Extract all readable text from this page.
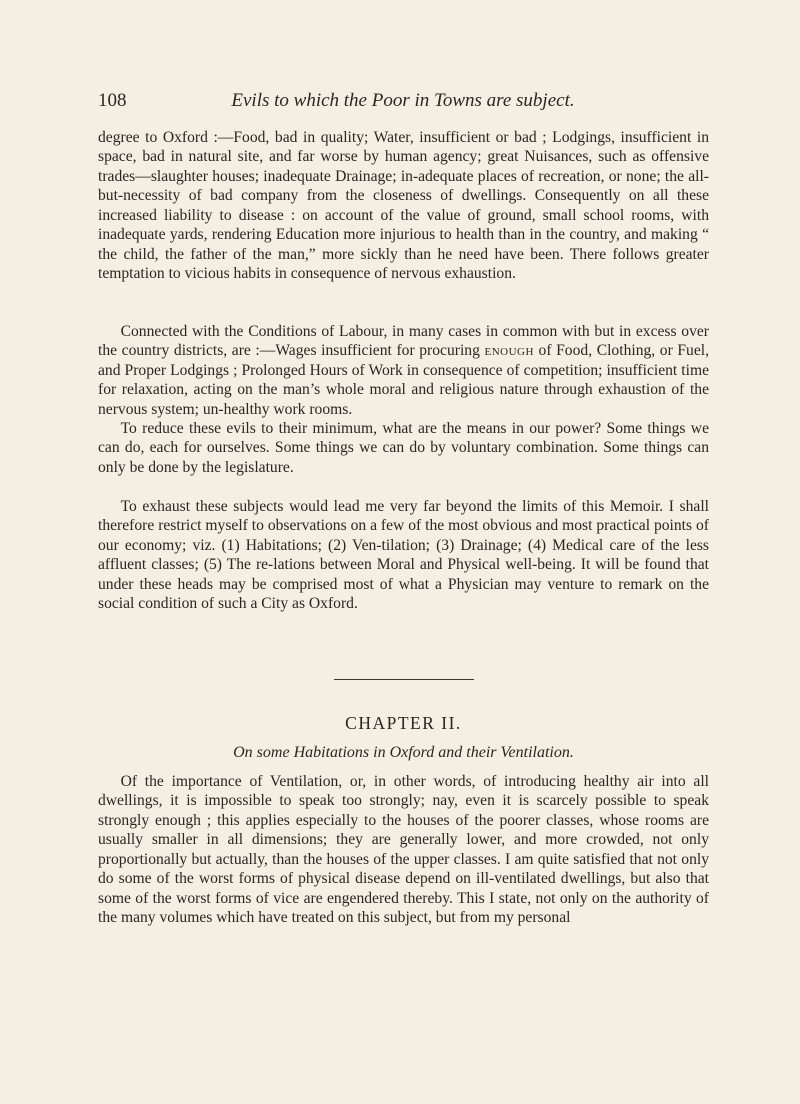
108	Evils to which the Poor in Towns are subject.

degree to Oxford :—Food, bad in quality; Water, insufficient or bad ; Lodgings, insufficient in space, bad in natural site, and far worse by human agency; great Nuisances, such as offensive trades—slaughter houses; inadequate Drainage; in-adequate places of recreation, or none; the all-but-necessity of bad company from the closeness of dwellings. Consequently on all these increased liability to disease : on account of the value of ground, small school rooms, with inadequate yards, rendering Education more injurious to health than in the country, and making “ the child, the father of the man,” more sickly than he need have been. There follows greater temptation to vicious habits in consequence of nervous exhaustion.

Connected with the Conditions of Labour, in many cases in common with but in excess over the country districts, are :—Wages insufficient for procuring enough of Food, Clothing, or Fuel, and Proper Lodgings ; Prolonged Hours of Work in consequence of competition; insufficient time for relaxation, acting on the man’s whole moral and religious nature through exhaustion of the nervous system; un-healthy work rooms.

To reduce these evils to their minimum, what are the means in our power? Some things we can do, each for ourselves. Some things we can do by voluntary combination. Some things can only be done by the legislature.

To exhaust these subjects would lead me very far beyond the limits of this Memoir. I shall therefore restrict myself to observations on a few of the most obvious and most practical points of our economy; viz. (1) Habitations; (2) Ven-tilation; (3) Drainage; (4) Medical care of the less affluent classes; (5) The re-lations between Moral and Physical well-being. It will be found that under these heads may be comprised most of what a Physician may venture to remark on the social condition of such a City as Oxford.

CHAPTER II.
On some Habitations in Oxford and their Ventilation.

Of the importance of Ventilation, or, in other words, of introducing healthy air into all dwellings, it is impossible to speak too strongly; nay, even it is scarcely possible to speak strongly enough ; this applies especially to the houses of the poorer classes, whose rooms are usually smaller in all dimensions; they are generally lower, and more crowded, not only proportionally but actually, than the houses of the upper classes. I am quite satisfied that not only do some of the worst forms of physical disease depend on ill-ventilated dwellings, but also that some of the worst forms of vice are engendered thereby. This I state, not only on the authority of the many volumes which have treated on this subject, but from my personal
